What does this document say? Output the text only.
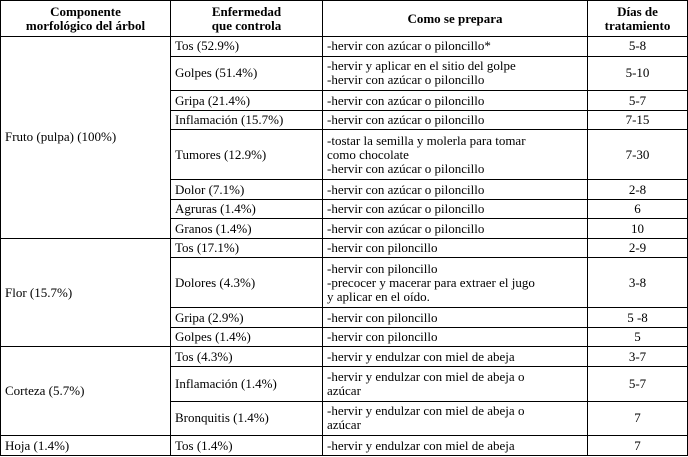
Componente
morfológico del árbol	Enfermedad
que controla	Como se prepara	Días de
tratamiento

Fruto (pulpa) (100%)	Tos (52.9%)	-hervir con azúcar o piloncillo*	5-8
	Golpes (51.4%)	-hervir y aplicar en el sitio del golpe
-hervir con azúcar o piloncillo	5-10
	Gripa (21.4%)	-hervir con azúcar o piloncillo	5-7
	Inflamación (15.7%)	-hervir con azúcar o piloncillo	7-15
	Tumores (12.9%)	-tostar la semilla y molerla para tomar
como chocolate
-hervir con azúcar o piloncillo	7-30
	Dolor (7.1%)	-hervir con azúcar o piloncillo	2-8
	Agruras (1.4%)	-hervir con azúcar o piloncillo	6
	Granos (1.4%)	-hervir con azúcar o piloncillo	10
Flor (15.7%)	Tos (17.1%)	-hervir con piloncillo	2-9
	Dolores (4.3%)	-hervir con piloncillo
-precocer y macerar para extraer el jugo
y aplicar en el oído.	3-8
	Gripa (2.9%)	-hervir con piloncillo	5 -8
	Golpes (1.4%)	-hervir con piloncillo	5
Corteza (5.7%)	Tos (4.3%)	-hervir y endulzar con miel de abeja	3-7
	Inflamación (1.4%)	-hervir y endulzar con miel de abeja o
azúcar	5-7
	Bronquitis (1.4%)	-hervir y endulzar con miel de abeja o
azúcar	7
Hoja (1.4%)	Tos (1.4%)	-hervir y endulzar con miel de abeja	7
